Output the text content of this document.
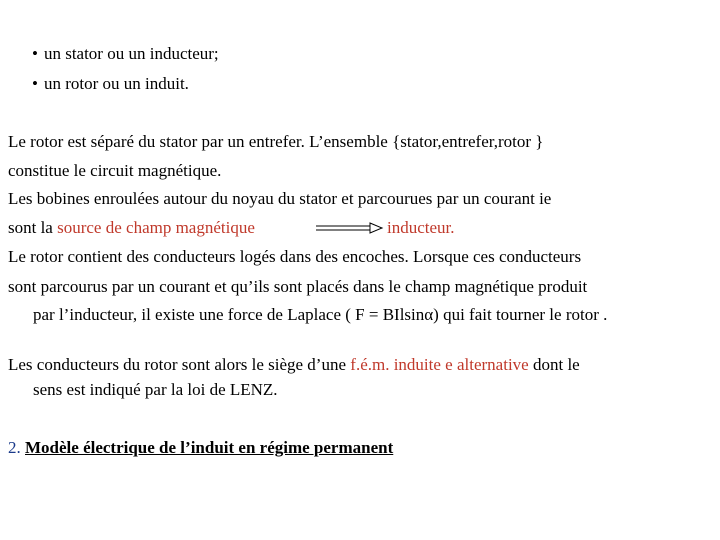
• un stator ou un inducteur;
• un rotor ou un induit.
Le rotor est séparé du stator par un entrefer. L’ensemble {stator,entrefer,rotor }
constitue le circuit magnétique.
Les bobines enroulées autour du noyau du stator et parcourues par un courant ie
sont la source de champ magnétique	inducteur.
Le rotor contient des conducteurs logés dans des encoches. Lorsque ces conducteurs
sont parcourus par un courant et qu’ils sont placés dans le champ magnétique produit
par l’inducteur, il existe une force de Laplace ( F = BIlsinα) qui fait tourner le rotor .
Les conducteurs du rotor sont alors le siège d’une f.é.m. induite e alternative dont le
sens est indiqué par la loi de LENZ.
2. Modèle électrique de l’induit en régime permanent
